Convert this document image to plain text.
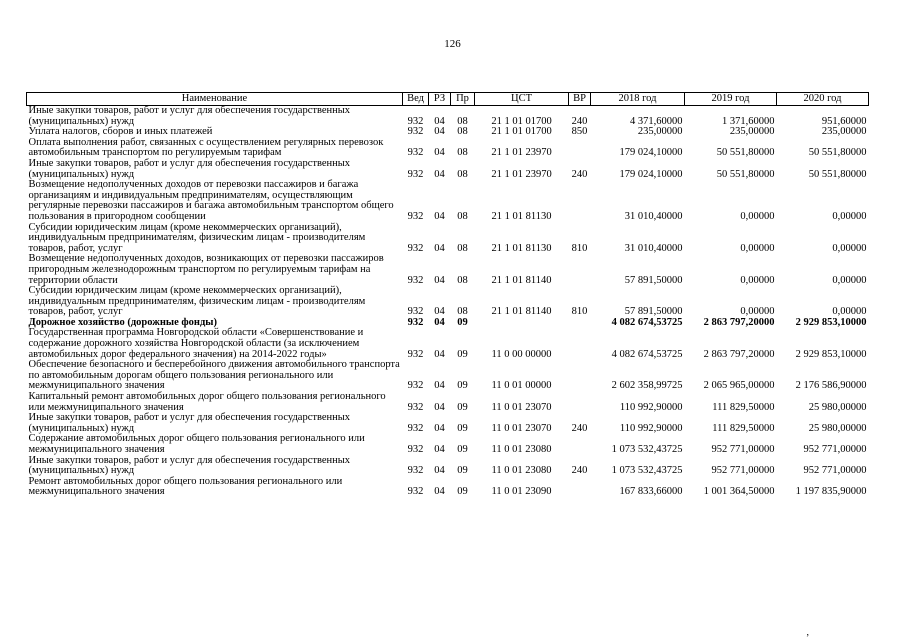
126
Наименование	Вед	РЗ	Пр	ЦСТ	ВР	2018 год	2019 год	2020 год
Иные закупки товаров, работ и услуг для обеспечения государственных (муниципальных) нужд	932	04	08	21 1 01 01700	240	4 371,60000	1 371,60000	951,60000
Уплата налогов, сборов и иных платежей	932	04	08	21 1 01 01700	850	235,00000	235,00000	235,00000
Оплата выполнения работ, связанных с осуществлением регулярных перевозок автомобильным транспортом по регулируемым тарифам	932	04	08	21 1 01 23970		179 024,10000	50 551,80000	50 551,80000
Иные закупки товаров, работ и услуг для обеспечения государственных (муниципальных) нужд	932	04	08	21 1 01 23970	240	179 024,10000	50 551,80000	50 551,80000
Возмещение недополученных доходов от перевозки пассажиров и багажа организациям и индивидуальным предпринимателям, осуществляющим регулярные перевозки пассажиров и багажа автомобильным транспортом общего пользования в пригородном сообщении	932	04	08	21 1 01 81130		31 010,40000	0,00000	0,00000
Субсидии юридическим лицам (кроме некоммерческих организаций), индивидуальным предпринимателям, физическим лицам - производителям товаров, работ, услуг	932	04	08	21 1 01 81130	810	31 010,40000	0,00000	0,00000
Возмещение недополученных доходов, возникающих от перевозки пассажиров пригородным железнодорожным транспортом по регулируемым тарифам на территории области	932	04	08	21 1 01 81140		57 891,50000	0,00000	0,00000
Субсидии юридическим лицам (кроме некоммерческих организаций), индивидуальным предпринимателям, физическим лицам - производителям товаров, работ, услуг	932	04	08	21 1 01 81140	810	57 891,50000	0,00000	0,00000
Дорожное хозяйство (дорожные фонды)	932	04	09			4 082 674,53725	2 863 797,20000	2 929 853,10000
Государственная программа Новгородской области «Совершенствование и содержание дорожного хозяйства Новгородской области (за исключением автомобильных дорог федерального значения) на 2014-2022 годы»	932	04	09	11 0 00 00000		4 082 674,53725	2 863 797,20000	2 929 853,10000
Обеспечение безопасного и бесперебойного движения автомобильного транспорта по автомобильным дорогам общего пользования регионального или межмуниципального значения	932	04	09	11 0 01 00000		2 602 358,99725	2 065 965,00000	2 176 586,90000
Капитальный ремонт автомобильных дорог общего пользования регионального или межмуниципального значения	932	04	09	11 0 01 23070		110 992,90000	111 829,50000	25 980,00000
Иные закупки товаров, работ и услуг для обеспечения государственных (муниципальных) нужд	932	04	09	11 0 01 23070	240	110 992,90000	111 829,50000	25 980,00000
Содержание автомобильных дорог общего пользования регионального или межмуниципального значения	932	04	09	11 0 01 23080		1 073 532,43725	952 771,00000	952 771,00000
Иные закупки товаров, работ и услуг для обеспечения государственных (муниципальных) нужд	932	04	09	11 0 01 23080	240	1 073 532,43725	952 771,00000	952 771,00000
Ремонт автомобильных дорог общего пользования регионального или межмуниципального значения	932	04	09	11 0 01 23090		167 833,66000	1 001 364,50000	1 197 835,90000
,
